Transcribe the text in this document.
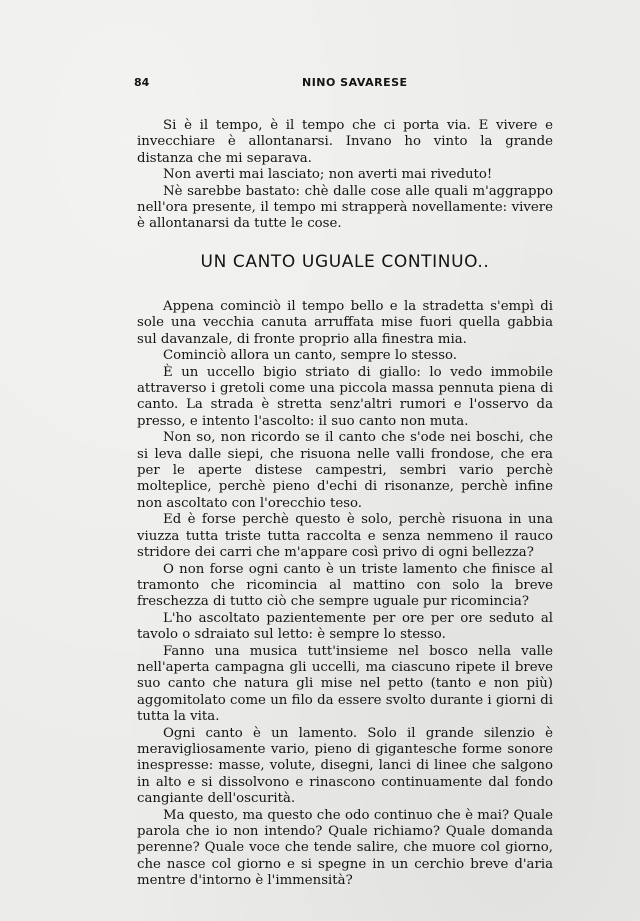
84	NINO SAVARESE

Si è il tempo, è il tempo che ci porta via. E vivere e invecchiare è allontanarsi. Invano ho vinto la grande distanza che mi separava.

Non averti mai lasciato; non averti mai riveduto!

Nè sarebbe bastato: chè dalle cose alle quali m'aggrappo nell'ora presente, il tempo mi strapperà novellamente: vivere è allontanarsi da tutte le cose.

UN CANTO UGUALE CONTINUO..

Appena cominciò il tempo bello e la stradetta s'empì di sole una vecchia canuta arruffata mise fuori quella gabbia sul davanzale, di fronte proprio alla finestra mia.

Cominciò allora un canto, sempre lo stesso.

È un uccello bigio striato di giallo: lo vedo immobile attraverso i gretoli come una piccola massa pennuta piena di canto. La strada è stretta senz'altri rumori e l'osservo da presso, e intento l'ascolto: il suo canto non muta.

Non so, non ricordo se il canto che s'ode nei boschi, che si leva dalle siepi, che risuona nelle valli frondose, che era per le aperte distese campestri, sembri vario perchè molteplice, perchè pieno d'echi di risonanze, perchè infine non ascoltato con l'orecchio teso.

Ed è forse perchè questo è solo, perchè risuona in una viuzza tutta triste tutta raccolta e senza nemmeno il rauco stridore dei carri che m'appare così privo di ogni bellezza?

O non forse ogni canto è un triste lamento che finisce al tramonto che ricomincia al mattino con solo la breve freschezza di tutto ciò che sempre uguale pur ricomincia?

L'ho ascoltato pazientemente per ore per ore seduto al tavolo o sdraiato sul letto: è sempre lo stesso.

Fanno una musica tutt'insieme nel bosco nella valle nell'aperta campagna gli uccelli, ma ciascuno ripete il breve suo canto che natura gli mise nel petto (tanto e non più) aggomitolato come un filo da essere svolto durante i giorni di tutta la vita.

Ogni canto è un lamento. Solo il grande silenzio è meravigliosamente vario, pieno di gigantesche forme sonore inespresse: masse, volute, disegni, lanci di linee che salgono in alto e si dissolvono e rinascono continuamente dal fondo cangiante dell'oscurità.

Ma questo, ma questo che odo continuo che è mai? Quale parola che io non intendo? Quale richiamo? Quale domanda perenne? Quale voce che tende salire, che muore col giorno, che nasce col giorno e si spegne in un cerchio breve d'aria mentre d'intorno è l'immensità?
